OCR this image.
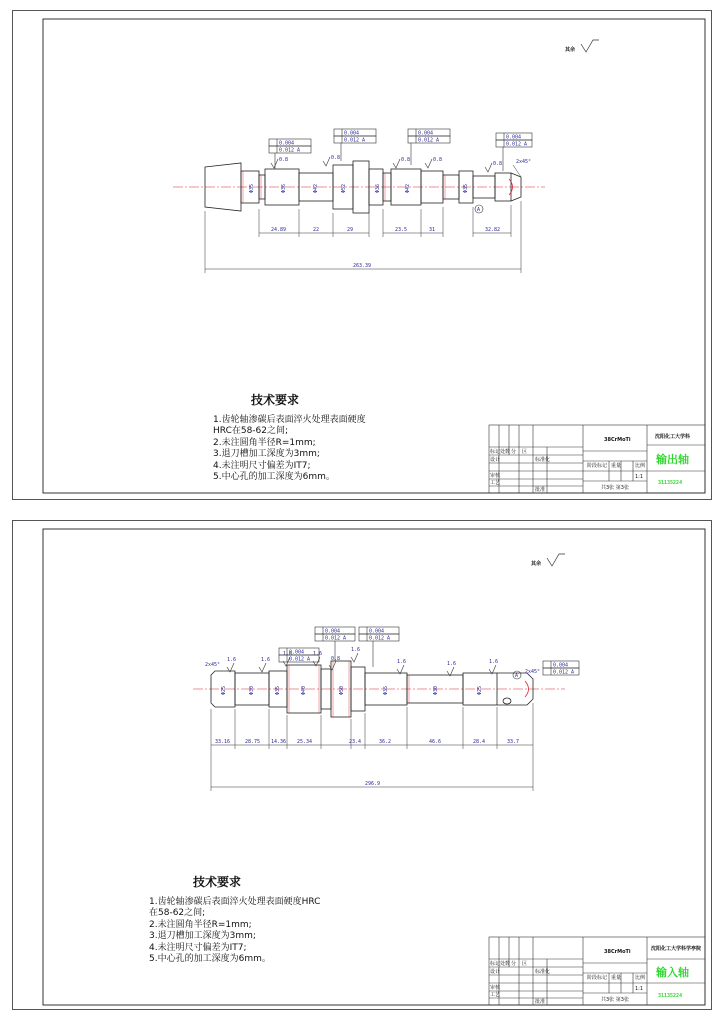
其余
Φ35	Φ36	Φ42	Φ52	Φ36	Φ42	Φ35
0.8	0.8	0.8	0.8
0.8
0.004
0.012 A
0.004
0.012 A
0.004
0.012 A	0.004
0.012 A
2x45°
A
24.89	22	29	23.5	31	32.82
263.39
38CrMoTi	沈阳化工大学科
输出轴
31135224
标记 处数 分 区
设计	标准化
审核
工艺
批准
阶段标记 重量	比例
1:1
共3张 第3张
技术要求
1.齿轮轴渗碳后表面淬火处理表面硬度
HRC在58-62之间;
2.未注圆角半径R=1mm;
3.退刀槽加工深度为3mm;
4.未注明尺寸偏差为IT7;
5.中心孔的加工深度为6mm。
其余
Φ25	Φ30	Φ35	Φ40	Φ50	Φ35	Φ30	Φ25
1.6	1.6
1.6	1.6
0.8
1.6
1.6	1.6	1.6
0.004
0.012 A
0.004
0.012 A
0.004
0.012 A
0.004
0.012 A
2x45°
2x45°
A
33.16	28.75 14.36 25.34	23.4	36.2	46.6	28.4	33.7
296.9
38CrMoTi	沈阳化工大学科学亭院
输入轴
31135224
标记 处数 分 区
设计	标准化
审核
工艺
批准
阶段标记 重量	比例
1:1
共3张 第3张
技术要求
1.齿轮轴渗碳后表面淬火处理表面硬度HRC
在58-62之间;
2.未注圆角半径R=1mm;
3.退刀槽加工深度为3mm;
4.未注明尺寸偏差为IT7;
5.中心孔的加工深度为6mm。
